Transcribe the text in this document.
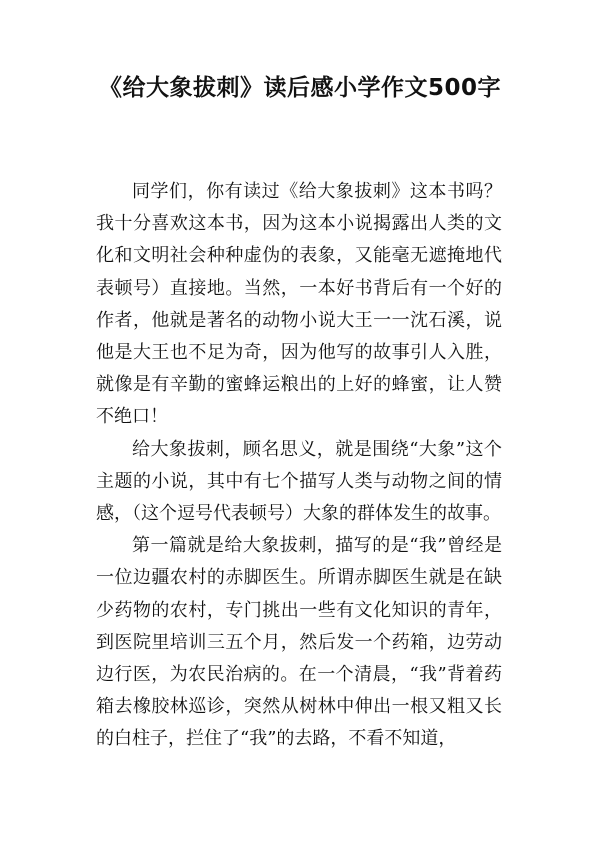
《给大象拔刺》读后感小学作文500字

同学们，你有读过《给大象拔刺》这本书吗？我十分喜欢这本书，因为这本小说揭露出人类的文化和文明社会种种虚伪的表象，又能毫无遮掩地代表顿号）直接地。当然，一本好书背后有一个好的作者，他就是著名的动物小说大王一一沈石溪，说他是大王也不足为奇，因为他写的故事引人入胜，就像是有辛勤的蜜蜂运粮出的上好的蜂蜜，让人赞不绝口！

给大象拔刺，顾名思义，就是围绕“大象”这个主题的小说，其中有七个描写人类与动物之间的情感，（这个逗号代表顿号）大象的群体发生的故事。

第一篇就是给大象拔刺，描写的是“我”曾经是一位边疆农村的赤脚医生。所谓赤脚医生就是在缺少药物的农村，专门挑出一些有文化知识的青年，到医院里培训三五个月，然后发一个药箱，边劳动边行医，为农民治病的。在一个清晨，“我”背着药箱去橡胶林巡诊，突然从树林中伸出一根又粗又长的白柱子，拦住了“我”的去路，不看不知道，
